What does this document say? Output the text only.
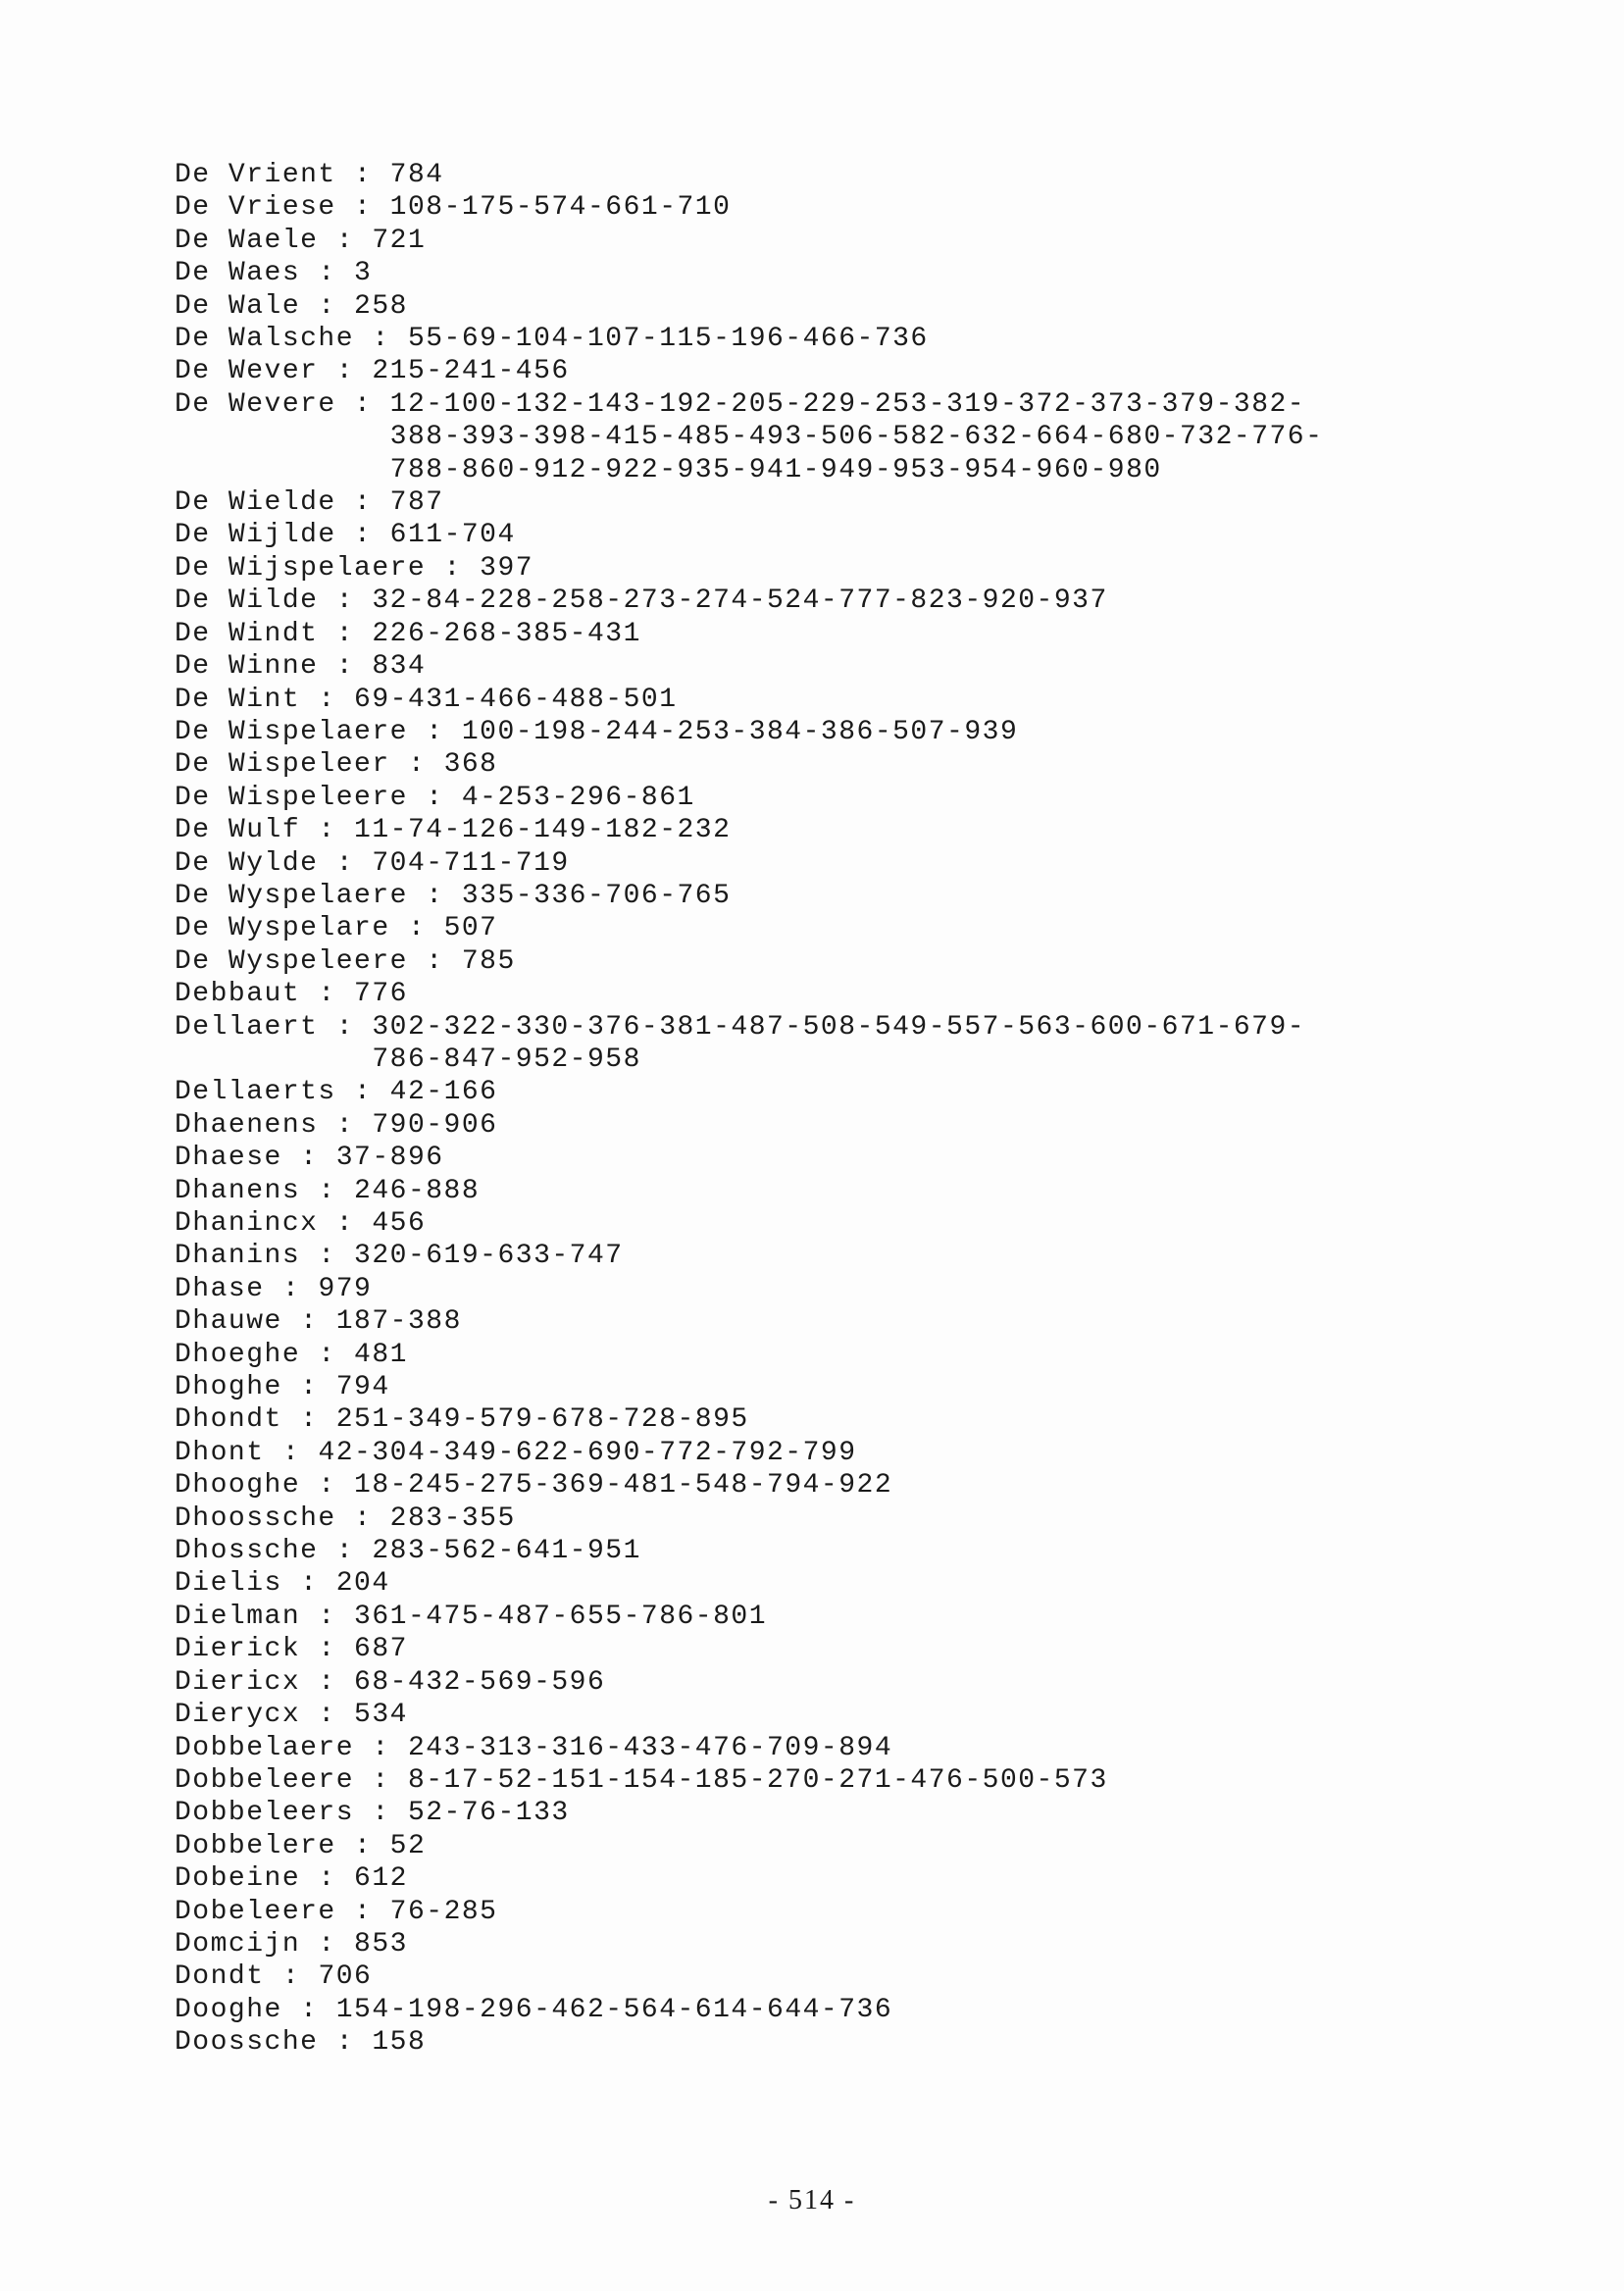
De Vrient : 784
De Vriese : 108-175-574-661-710
De Waele : 721
De Waes : 3
De Wale : 258
De Walsche : 55-69-104-107-115-196-466-736
De Wever : 215-241-456
De Wevere : 12-100-132-143-192-205-229-253-319-372-373-379-382-
388-393-398-415-485-493-506-582-632-664-680-732-776-
788-860-912-922-935-941-949-953-954-960-980
De Wielde : 787
De Wijlde : 611-704
De Wijspelaere : 397
De Wilde : 32-84-228-258-273-274-524-777-823-920-937
De Windt : 226-268-385-431
De Winne : 834
De Wint : 69-431-466-488-501
De Wispelaere : 100-198-244-253-384-386-507-939
De Wispeleer : 368
De Wispeleere : 4-253-296-861
De Wulf : 11-74-126-149-182-232
De Wylde : 704-711-719
De Wyspelaere : 335-336-706-765
De Wyspelare : 507
De Wyspeleere : 785
Debbaut : 776
Dellaert : 302-322-330-376-381-487-508-549-557-563-600-671-679-
786-847-952-958
Dellaerts : 42-166
Dhaenens : 790-906
Dhaese : 37-896
Dhanens : 246-888
Dhanincx : 456
Dhanins : 320-619-633-747
Dhase : 979
Dhauwe : 187-388
Dhoeghe : 481
Dhoghe : 794
Dhondt : 251-349-579-678-728-895
Dhont : 42-304-349-622-690-772-792-799
Dhooghe : 18-245-275-369-481-548-794-922
Dhoossche : 283-355
Dhossche : 283-562-641-951
Dielis : 204
Dielman : 361-475-487-655-786-801
Dierick : 687
Diericx : 68-432-569-596
Dierycx : 534
Dobbelaere : 243-313-316-433-476-709-894
Dobbeleere : 8-17-52-151-154-185-270-271-476-500-573
Dobbeleers : 52-76-133
Dobbelere : 52
Dobeine : 612
Dobeleere : 76-285
Domcijn : 853
Dondt : 706
Dooghe : 154-198-296-462-564-614-644-736
Doossche : 158
- 514 -
